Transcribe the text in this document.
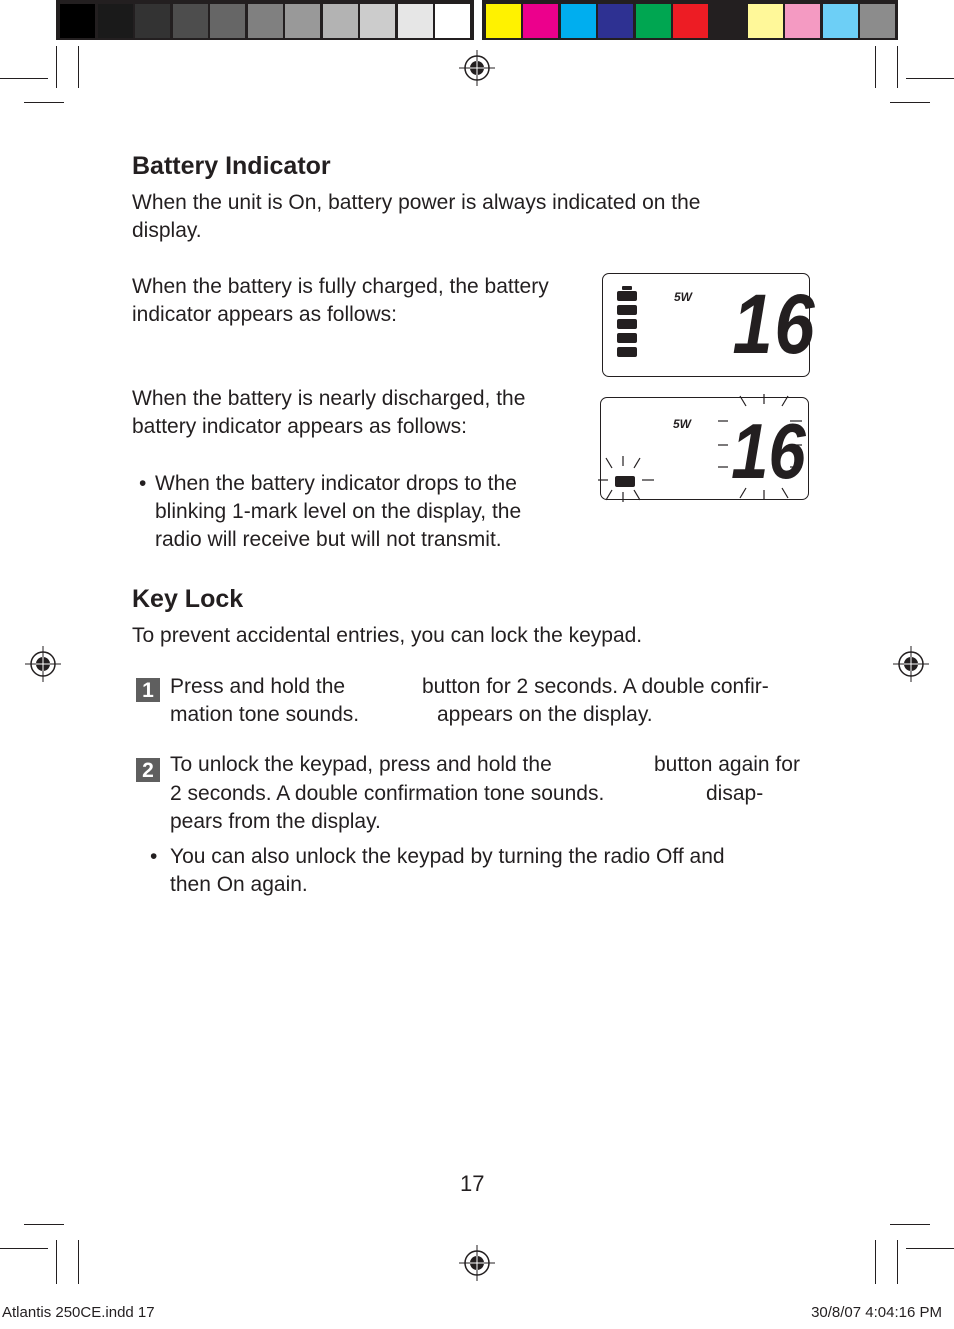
Battery Indicator
When the unit is On, battery power is always indicated on the
display.
When the battery is fully charged, the battery
indicator appears as follows:
When the battery is nearly discharged, the
battery indicator appears as follows:
• When the battery indicator drops to the
blinking 1-mark level on the display, the
radio will receive but will not transmit.
5W 16
5W 16
Key Lock
To prevent accidental entries, you can lock the keypad.
1 Press and hold the	button for 2 seconds. A double confir-
mation tone sounds.	appears on the display.
2 To unlock the keypad, press and hold the	button again for
2 seconds. A double confirmation tone sounds.	disap-
pears from the display.
• You can also unlock the keypad by turning the radio Off and
then On again.
17
Atlantis 250CE.indd 17	30/8/07 4:04:16 PM
